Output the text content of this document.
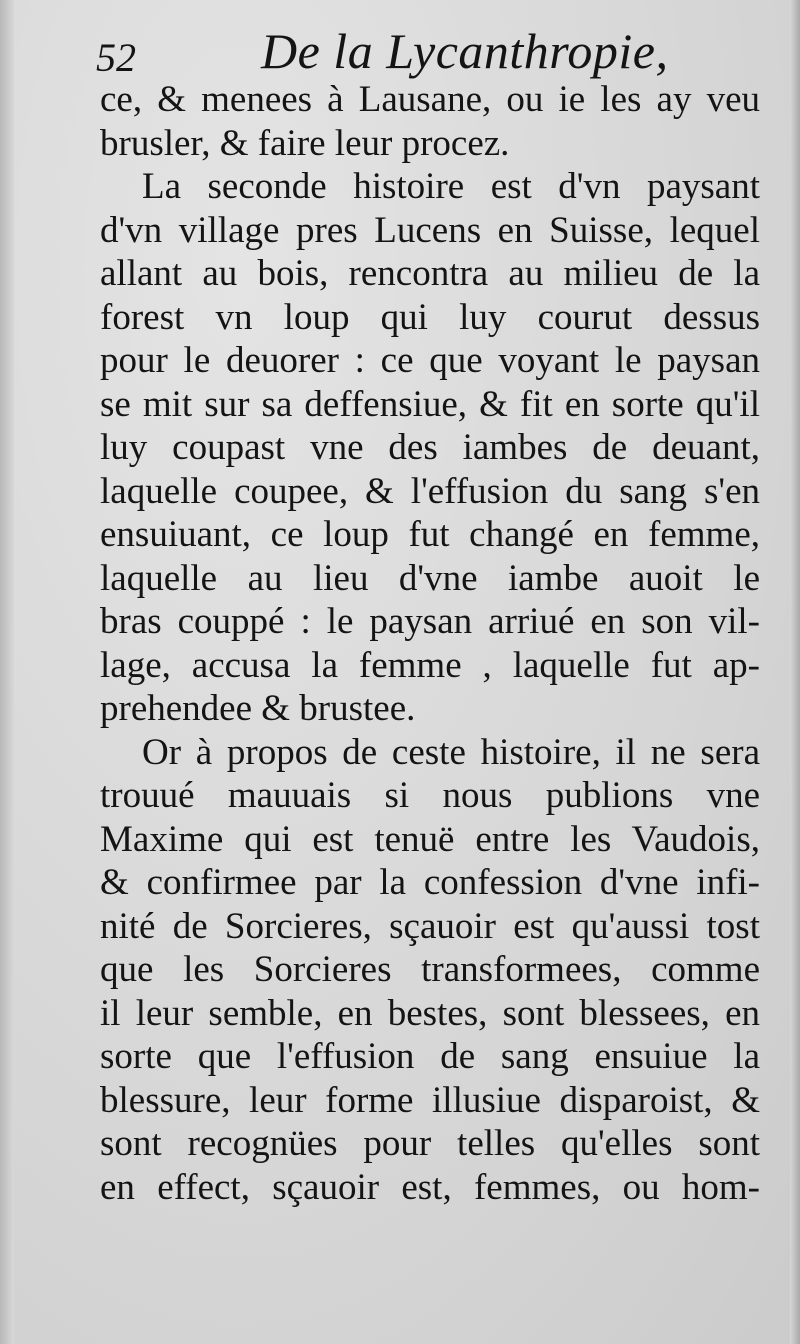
52	De la Lycanthropie,
ce, & menees à Lausane, ou ie les ay veu
brusler, & faire leur procez.
La seconde histoire est d'vn paysant
d'vn village pres Lucens en Suisse, lequel
allant au bois, rencontra au milieu de la
forest vn loup qui luy courut dessus
pour le deuorer : ce que voyant le paysan
se mit sur sa deffensiue, & fit en sorte qu'il
luy coupast vne des iambes de deuant,
laquelle coupee, & l'effusion du sang s'en
ensuiuant, ce loup fut changé en femme,
laquelle au lieu d'vne iambe auoit le
bras couppé : le paysan arriué en son vil-
lage, accusa la femme , laquelle fut ap-
prehendee & brustee.
Or à propos de ceste histoire, il ne sera
trouué mauuais si nous publions vne
Maxime qui est tenuë entre les Vaudois,
& confirmee par la confession d'vne infi-
nité de Sorcieres, sçauoir est qu'aussi tost
que les Sorcieres transformees, comme
il leur semble, en bestes, sont blessees, en
sorte que l'effusion de sang ensuiue la
blessure, leur forme illusiue disparoist, &
sont recognües pour telles qu'elles sont
en effect, sçauoir est, femmes, ou hom-
